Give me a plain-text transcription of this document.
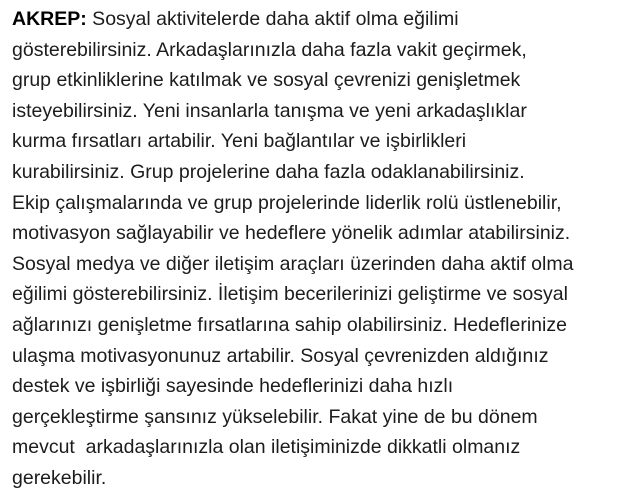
AKREP: Sosyal aktivitelerde daha aktif olma eğilimi
gösterebilirsiniz. Arkadaşlarınızla daha fazla vakit geçirmek,
grup etkinliklerine katılmak ve sosyal çevrenizi genişletmek
isteyebilirsiniz. Yeni insanlarla tanışma ve yeni arkadaşlıklar
kurma fırsatları artabilir. Yeni bağlantılar ve işbirlikleri
kurabilirsiniz. Grup projelerine daha fazla odaklanabilirsiniz.
Ekip çalışmalarında ve grup projelerinde liderlik rolü üstlenebilir,
motivasyon sağlayabilir ve hedeflere yönelik adımlar atabilirsiniz.
Sosyal medya ve diğer iletişim araçları üzerinden daha aktif olma
eğilimi gösterebilirsiniz. İletişim becerilerinizi geliştirme ve sosyal
ağlarınızı genişletme fırsatlarına sahip olabilirsiniz. Hedeflerinize
ulaşma motivasyonunuz artabilir. Sosyal çevrenizden aldığınız
destek ve işbirliği sayesinde hedeflerinizi daha hızlı
gerçekleştirme şansınız yükselebilir. Fakat yine de bu dönem
mevcut  arkadaşlarınızla olan iletişiminizde dikkatli olmanız
gerekebilir.
